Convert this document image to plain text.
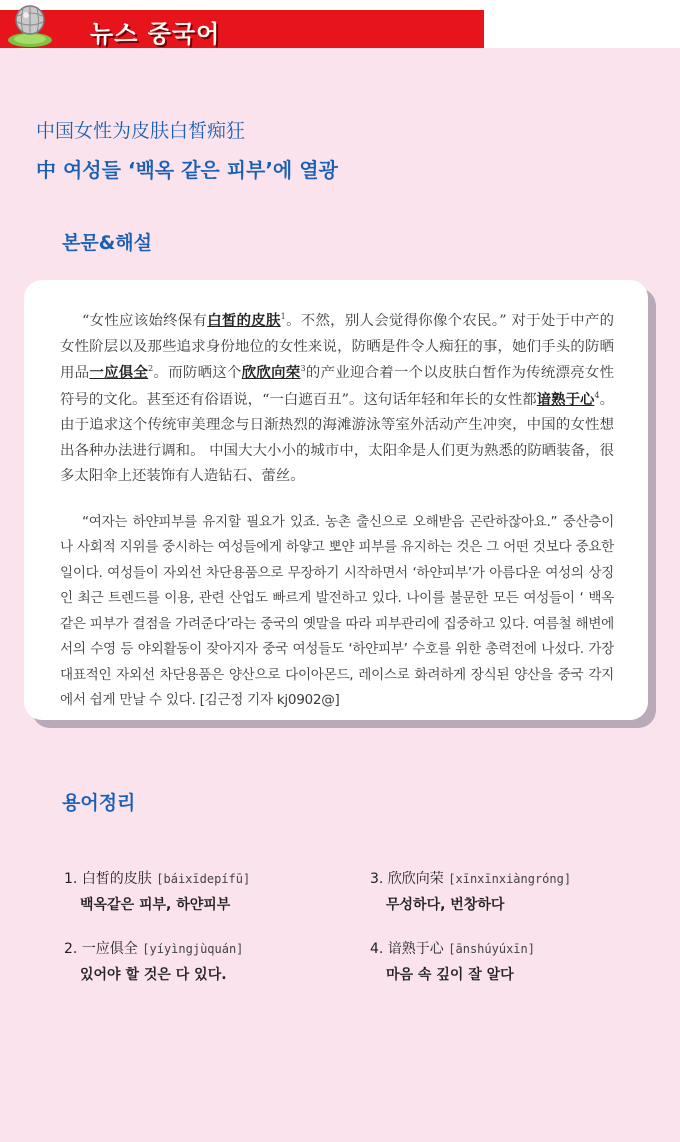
뉴스 중국어
中国女性为皮肤白皙痴狂
中 여성들 ‘백옥 같은 피부’에 열광
본문&해설

“女性应该始终保有白皙的皮肤$^1$。不然，别人会觉得你像个农民。” 对于处于中产的女性阶层以及那些追求身份地位的女性来说，防晒是件令人痴狂的事，她们手头的防晒用品一应俱全$^2$。而防晒这个欣欣向荣$^3$的产业迎合着一个以皮肤白皙作为传统漂亮女性符号的文化。甚至还有俗语说，“一白遮百丑”。这句话年轻和年长的女性都谙熟于心$^4$。由于追求这个传统审美理念与日渐热烈的海滩游泳等室外活动产生冲突，中国的女性想出各种办法进行调和。 中国大大小小的城市中，太阳伞是人们更为熟悉的防晒装备，很多太阳伞上还装饰有人造钻石、蕾丝。

“여자는 하얀피부를 유지할 필요가 있죠. 농촌 출신으로 오해받음 곤란하잖아요.” 중산층이나 사회적 지위를 중시하는 여성들에게 하얗고 뽀얀 피부를 유지하는 것은 그 어떤 것보다 중요한 일이다. 여성들이 자외선 차단용품으로 무장하기 시작하면서 ‘하얀피부’가 아름다운 여성의 상징인 최근 트렌드를 이용, 관련 산업도 빠르게 발전하고 있다. 나이를 불문한 모든 여성들이 ‘ 백옥 같은 피부가 결점을 가려준다’라는 중국의 옛말을 따라 피부관리에 집중하고 있다. 여름철 해변에서의 수영 등 야외활동이 잦아지자 중국 여성들도 ‘하얀피부’ 수호를 위한 총력전에 나섰다. 가장 대표적인 자외선 차단용품은 양산으로 다이아몬드, 레이스로 화려하게 장식된 양산을 중국 각지에서 쉽게 만날 수 있다. [김근정 기자 kj0902@]

용어정리
1. 白皙的皮肤 [báixīdepífū]
백옥같은 피부, 하얀피부
2. 一应俱全 [yíyìngjùquán]
있어야 할 것은 다 있다.
3. 欣欣向荣 [xīnxīnxiàngróng]
무성하다, 번창하다
4. 谙熟于心 [ānshúyúxīn]
마음 속 깊이 잘 알다
